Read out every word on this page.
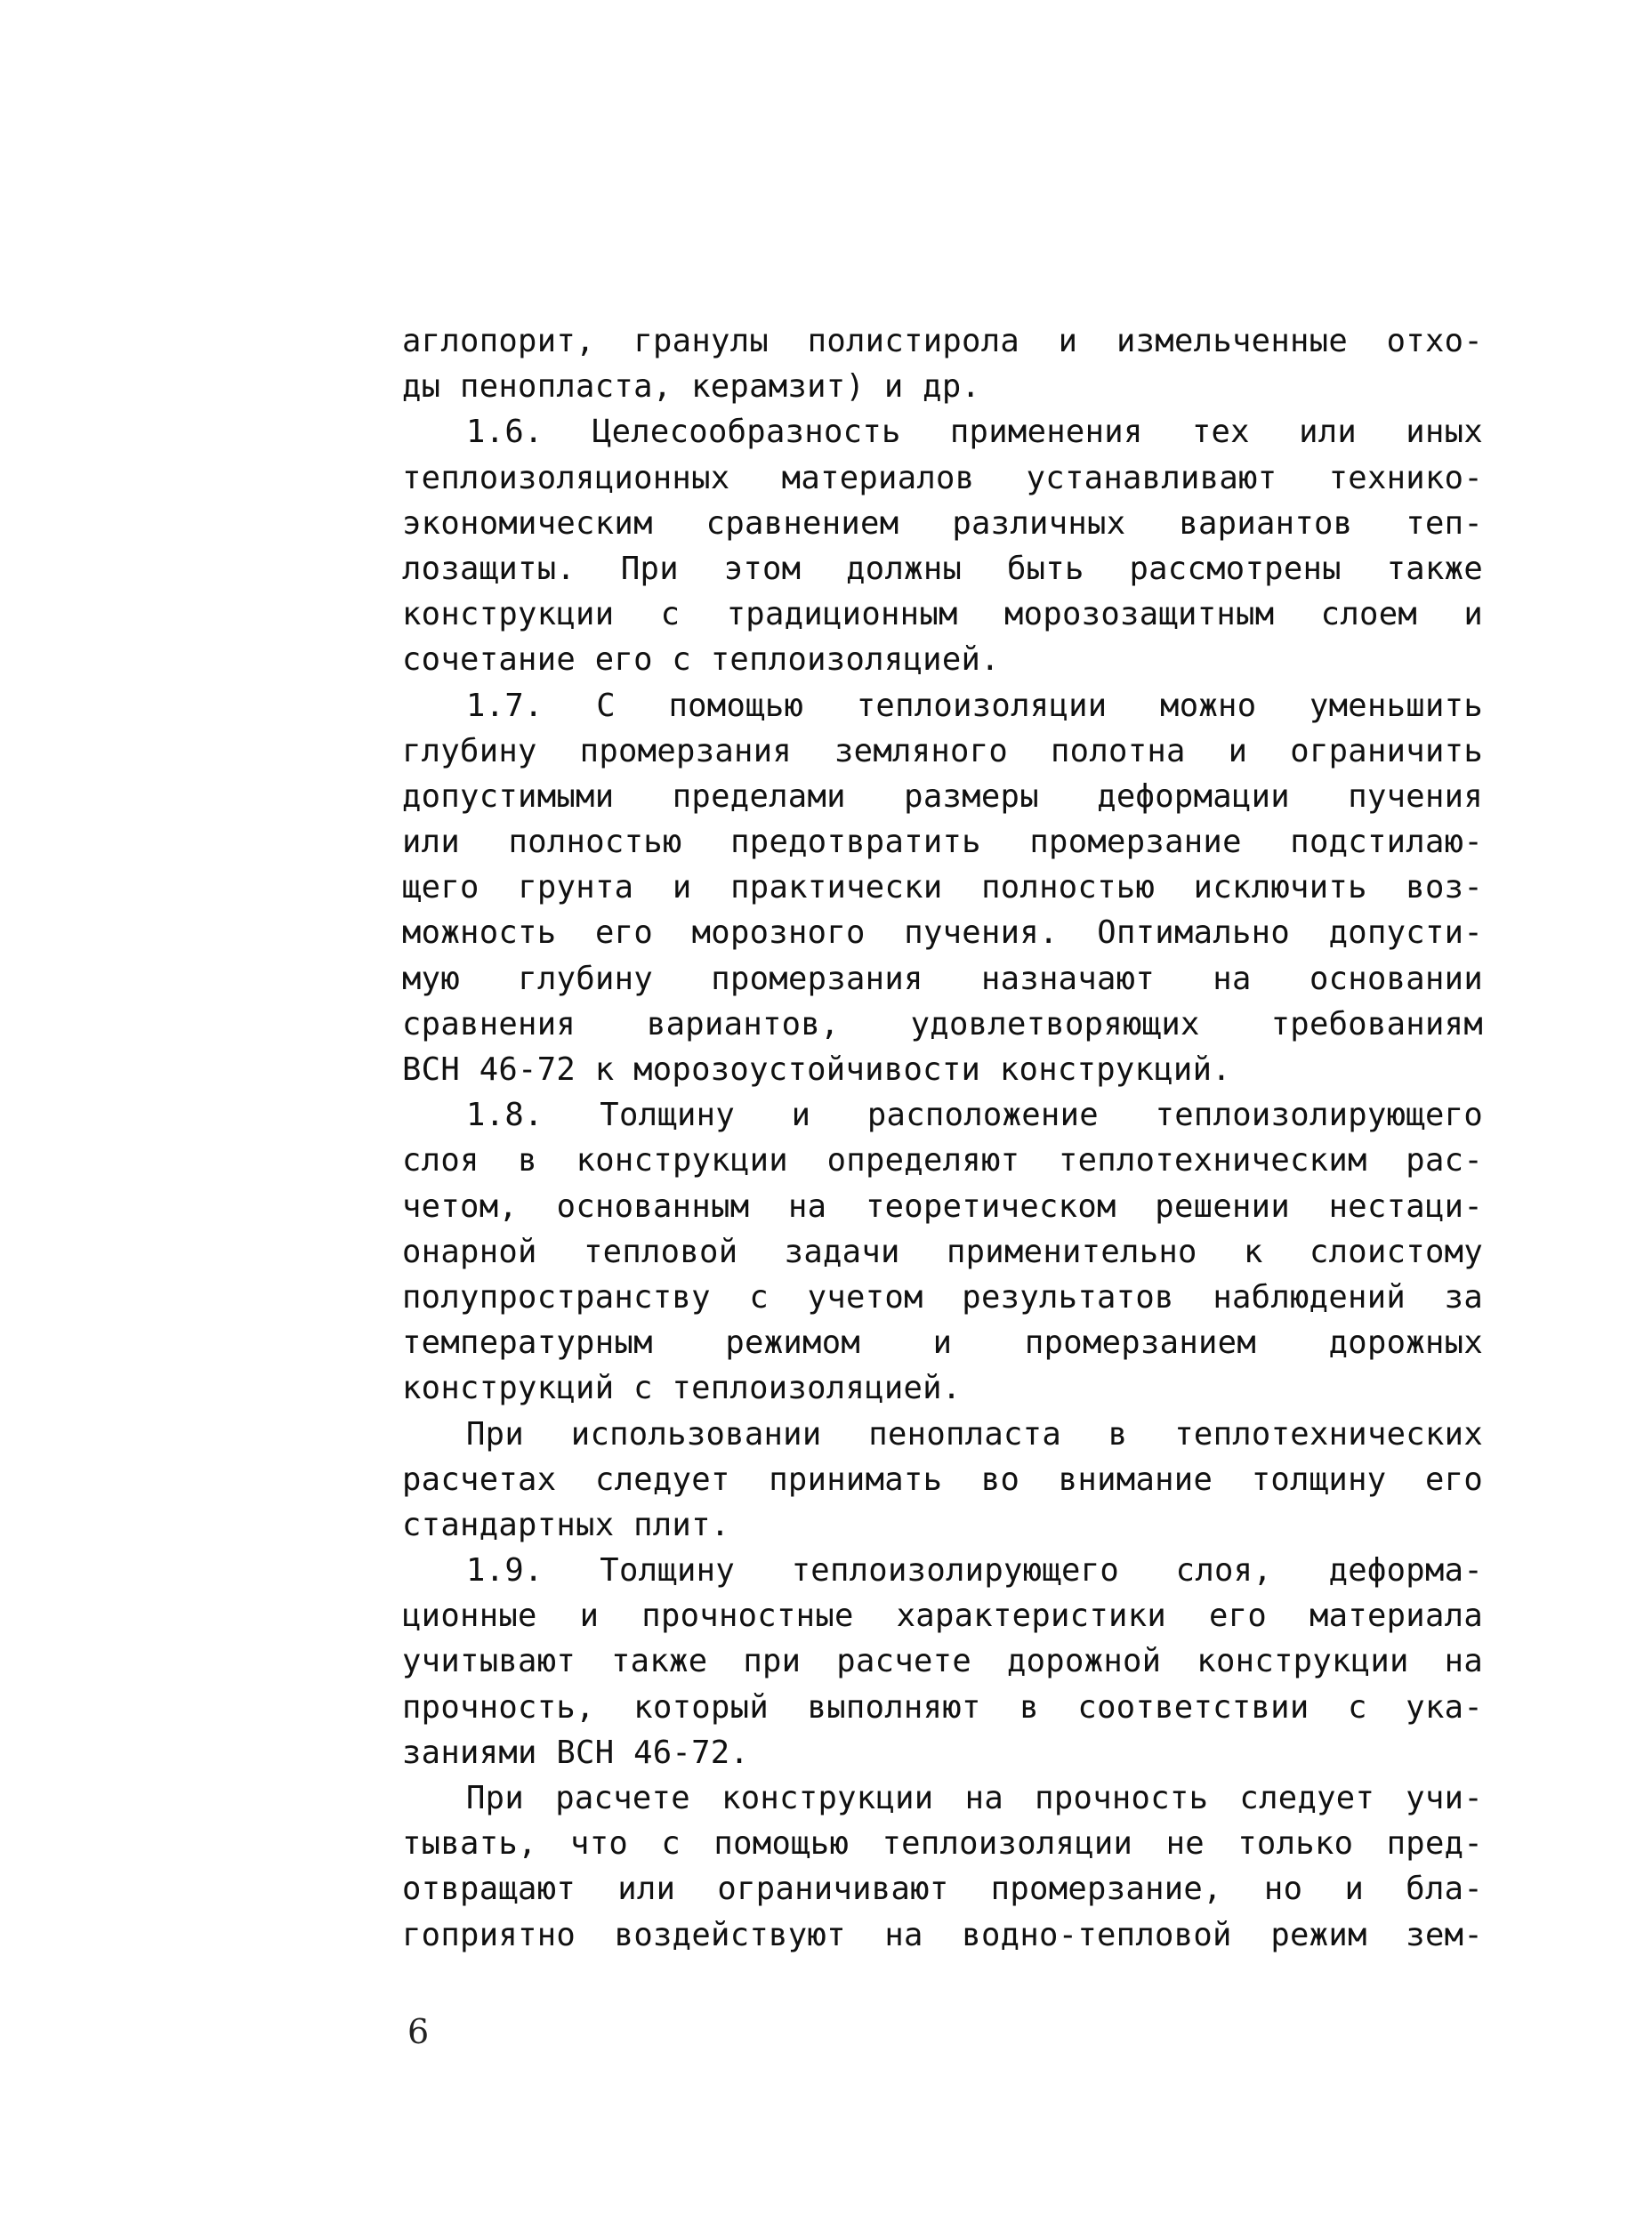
аглопорит, гранулы полистирола и измельченные отхо-
ды пенопласта, керамзит) и др.
1.6. Целесообразность применения тех или иных
теплоизоляционных материалов устанавливают технико-
экономическим сравнением различных вариантов теп-
лозащиты. При этом должны быть рассмотрены также
конструкции с традиционным морозозащитным слоем и
сочетание его с теплоизоляцией.
1.7. С помощью теплоизоляции можно уменьшить
глубину промерзания земляного полотна и ограничить
допустимыми пределами размеры деформации пучения
или полностью предотвратить промерзание подстилаю-
щего грунта и практически полностью исключить воз-
можность его морозного пучения. Оптимально допусти-
мую глубину промерзания назначают на основании
сравнения вариантов, удовлетворяющих требованиям
ВСН 46-72 к морозоустойчивости конструкций.
1.8. Толщину и расположение теплоизолирующего
слоя в конструкции определяют теплотехническим рас-
четом, основанным на теоретическом решении нестаци-
онарной тепловой задачи применительно к слоистому
полупространству с учетом результатов наблюдений за
температурным режимом и промерзанием дорожных
конструкций с теплоизоляцией.
При использовании пенопласта в теплотехнических
расчетах следует принимать во внимание толщину его
стандартных плит.
1.9. Толщину теплоизолирующего слоя, деформа-
ционные и прочностные характеристики его материала
учитывают также при расчете дорожной конструкции на
прочность, который выполняют в соответствии с ука-
заниями ВСН 46-72.
При расчете конструкции на прочность следует учи-
тывать, что с помощью теплоизоляции не только пред-
отвращают или ограничивают промерзание, но и бла-
гоприятно воздействуют на водно-тепловой режим зем-
6
